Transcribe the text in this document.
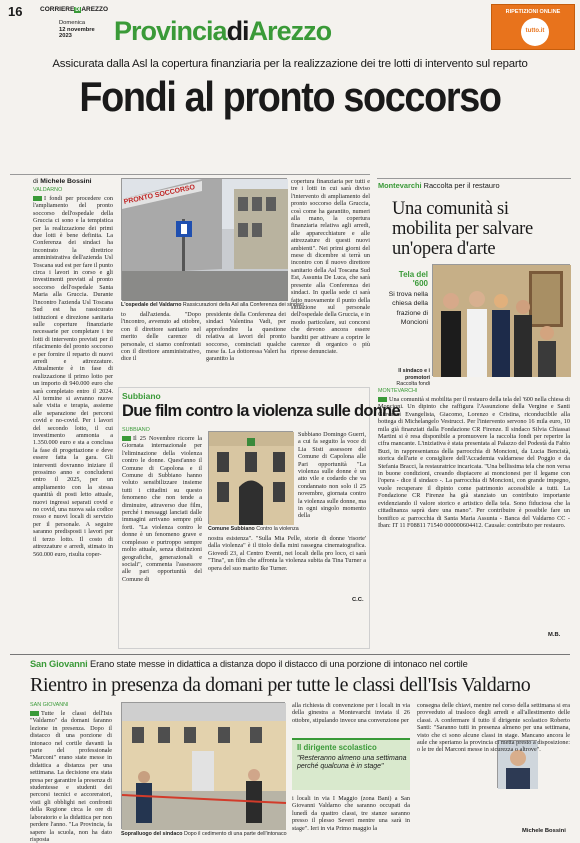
16	CORRIEREDIAREZZO
Domenica
12 novembre
2023	ProvinciadiArezzo
RIPETIZIONI ONLINE
tutto.it
Assicurata dalla Asl la copertura finanziaria per la realizzazione dei tre lotti di intervento sul reparto
Fondi al pronto soccorso
di Michele Bossini
VALDARNO
I fondi per procedere con l'ampliamento del pronto soccorso dell'ospedale della Gruccia ci sono e la tempistica per la realizzazione dei primi due lotti è bene definita. La Conferenza dei sindaci ha incontrato la direttrice amministrativa dell'azienda Usl Toscana sud est per fare il punto circa i lavori in corso e gli investimenti previsti al pronto soccorso dell'ospedale Santa Maria alla Gruccia. Durante l'incontro l'azienda Usl Toscana Sud est ha rassicurato istituzioni e direzione sanitaria sulle coperture finanziarie necessarie per completare i tre lotti di intervento previsti per il rifacimento del pronto soccorso e per fornire il reparto di nuovi arredi e attrezzature. Attualmente è in fase di realizzazione il primo lotto per un importo di 940.000 euro che sarà completato entro il 2024. Al termine si avranno nuove sale visita e terapia, assieme alle separazione dei percorsi covid e no-covid. Per i lavori del secondo lotto, il cui investimento ammonta a 1.350.000 euro e sta a conclusa la fase di progettazione e deve essere fatta la gara. Gli interventi dovranno iniziare il prossimo anno e concludersi entro il 2025, per un ampliamento con la stessa quantità di posti letto attuale, nuovi ingressi separati covid e no covid, una nuova sala codice rosso e nuovi locali di servizio per il personale. A seguire saranno predisposti i lavori per il terzo lotto. Il costo di attrezzature e arredi, stimato in 560.000 euro, risulta coper-
PRONTO SOCCORSO
L'ospedale del Valdarno Rassicurazioni della Asl alla Conferenza dei sindaci
to dall'azienda. "Dopo l'incontro, avvenuto ad ottobre, con il direttore sanitario nel merito delle carenze di personale, ci siamo confrontati con il direttore amministrativo, dice il
presidente della Conferenza dei sindaci Valentina Vadi, per approfondire la questione relativa ai lavori del pronto soccorso, cominciati qualche mese fa. La dottoressa Valeri ha garantito la
copertura finanziaria per tutti e tre i lotti in cui sarà diviso l'intervento di ampliamento del pronto soccorso della Gruccia, così come ha garantito, numeri alla mano, la copertura finanziaria relativa agli arredi, alle apparecchiature e alle attrezzature di questi nuovi ambienti". Nei primi giorni del mese di dicembre si terrà un incontro con il nuovo direttore sanitario della Asl Toscana Sud Est, Assunta De Luca, che sarà presente alla Conferenza dei sindaci. In quella sede ci sarà fatto nuovamente il punto della situazione sul personale dell'ospedale della Gruccia, e in modo particolare, sui concorsi che devono ancora essere banditi per attivare a coprire le carenze di organico o più riprese denunciate.
Subbiano
Due film contro la violenza sulle donne
SUBBIANO
Il 25 Novembre ricorre la Giornata internazionale per l'eliminazione della violenza contro le donne. Quest'anno il Comune di Capolona e il Comune di Subbiano hanno voluto sensibilizzare insieme tutti i cittadini su questo fenomeno che non tende a diminuire, attraverso due film, perché i messaggi lanciati dalle immagini arrivano sempre più forti. "La violenza contro le donne è un fenomeno grave e complesso e purtroppo sempre molto attuale, senza distinzioni geografiche, generazionali e sociali", commenta l'assessore alle pari opportunità del Comune di
Comune Subbiano Contro la violenza
Subbiano Domingo Guerri, a cui fa seguito la voce di Lia Sisti assessore del Comune di Capolona alle Pari opportunità "La violenza sulle donne è un atto vile e codardo che va condannato non solo il 25 novembre, giornata contro la violenza sulle donne, ma in ogni singolo momento della
nostra esistenza". "Sulla Mia Pelle, storie di donne 'risorte' dalla violenza" è il titolo della mini rassegna cinematografica. Giovedì 23, al Centro Eventi, nei locali della pro loco, ci sarà "Tina", un film che affronta la violenza subita da Tina Turner a opera del suo marito Ike Turner.
C.C.
Montevarchi Raccolta per il restauro
Una comunità si mobilita per salvare un'opera d'arte
Tela del '600
Si trova nella chiesa della frazione di Moncioni
Il sindaco e i promotori Raccolta fondi
MONTEVARCHI
Una comunità si mobilita per il restauro della tela del '600 nella chiesa di Moncioni. Un dipinto che raffigura l'Assunzione della Vergine e Santi Giovanni Evangelista, Giacomo, Lorenzo e Cristina, riconducibile alla bottega di Michelangelo Vestrucci. Per l'intervento servono 16 mila euro, 10 mila già finanziati dalla Fondazione CR Firenze. Il sindaco Silvia Chiassai Martini si è resa disponibile a promuovere la raccolta fondi per reperire la cifra mancante. L'iniziativa è stata presentata al Palazzo del Podestà da Fabio Buzi, in rappresentanza della parrocchia di Moncioni, da Lucia Bencistà, storica dell'arte e consigliere dell'Accademia valdarnese del Poggio e da Stefania Bracci, la restauratrice incaricata. "Una bellissima tela che non versa in buone condizioni, creando dispiacere ai moncionesi per il legame con l'opera - dice il sindaco -. La parrocchia di Moncioni, con grande impegno, vuole recuperare il dipinto come patrimonio accessibile a tutti. La Fondazione CR Firenze ha già stanziato un contributo importante evidenziando il valore storico e artistico della tela. Sono fiduciosa che la cittadinanza saprà dare una mano". Per contribuire è possibile fare un bonifico a: parrocchia di Santa Maria Assunta - Banca del Valdarno CC - Iban: IT 11 F08811 71540 000000604412. Causale: contributo per restauro.
M.B.
San Giovanni Erano state messe in didattica a distanza dopo il distacco di una porzione di intonaco nel cortile
Rientro in presenza da domani per tutte le classi dell'Isis Valdarno
SAN GIOVANNI
Tutte le classi dell'Isis "Valdarno" da domani faranno lezione in presenza. Dopo il distacco di una porzione di intonaco nel cortile davanti la parte del professionale "Marconi" erano state messe in didattica a distanza per una settimana. La decisione era stata presa per garantire la presenza di studentesse e studenti dei percorsi tecnici e accoreratori, visti gli obblighi nei confronti della Regione circa le ore di laboratorio e la didattica per non perdere l'anno. "La Provincia, fa sapere la scuola, non ha dato risposta
Sopralluogo del sindaco Dopo il cedimento di una parte dell'intonaco
alla richiesta di convenzione per i locali in via della ginestra a Montevarchi inviata il 26 ottobre, stipulando invece una convenzione per
Il dirigente scolastico
"Resteranno almeno una settimana perché qualcuna è in stage"
i locali in via I Maggio (zona Bani) a San Giovanni Valdarno che saranno occupati da lunedì da quattro classi, tre stanze saranno presso il plesso Severi mentre una sarà in stage". Ieri in via Primo maggio la
consegna delle chiavi, mentre nel corso della settimana si era provveduto al trasloco degli arredi e all'allestimento delle classi. A confermare il tutto il dirigente scolastico Roberto Santi: "Saranno tutti in presenza almeno per una settimana, visto che ci sono alcune classi in stage. Mancano ancora le aule che speriamo la provincia ci metta presto a disposizione: o le tre del Marconi messe in sicurezza o altrove".
Michele Bossini
